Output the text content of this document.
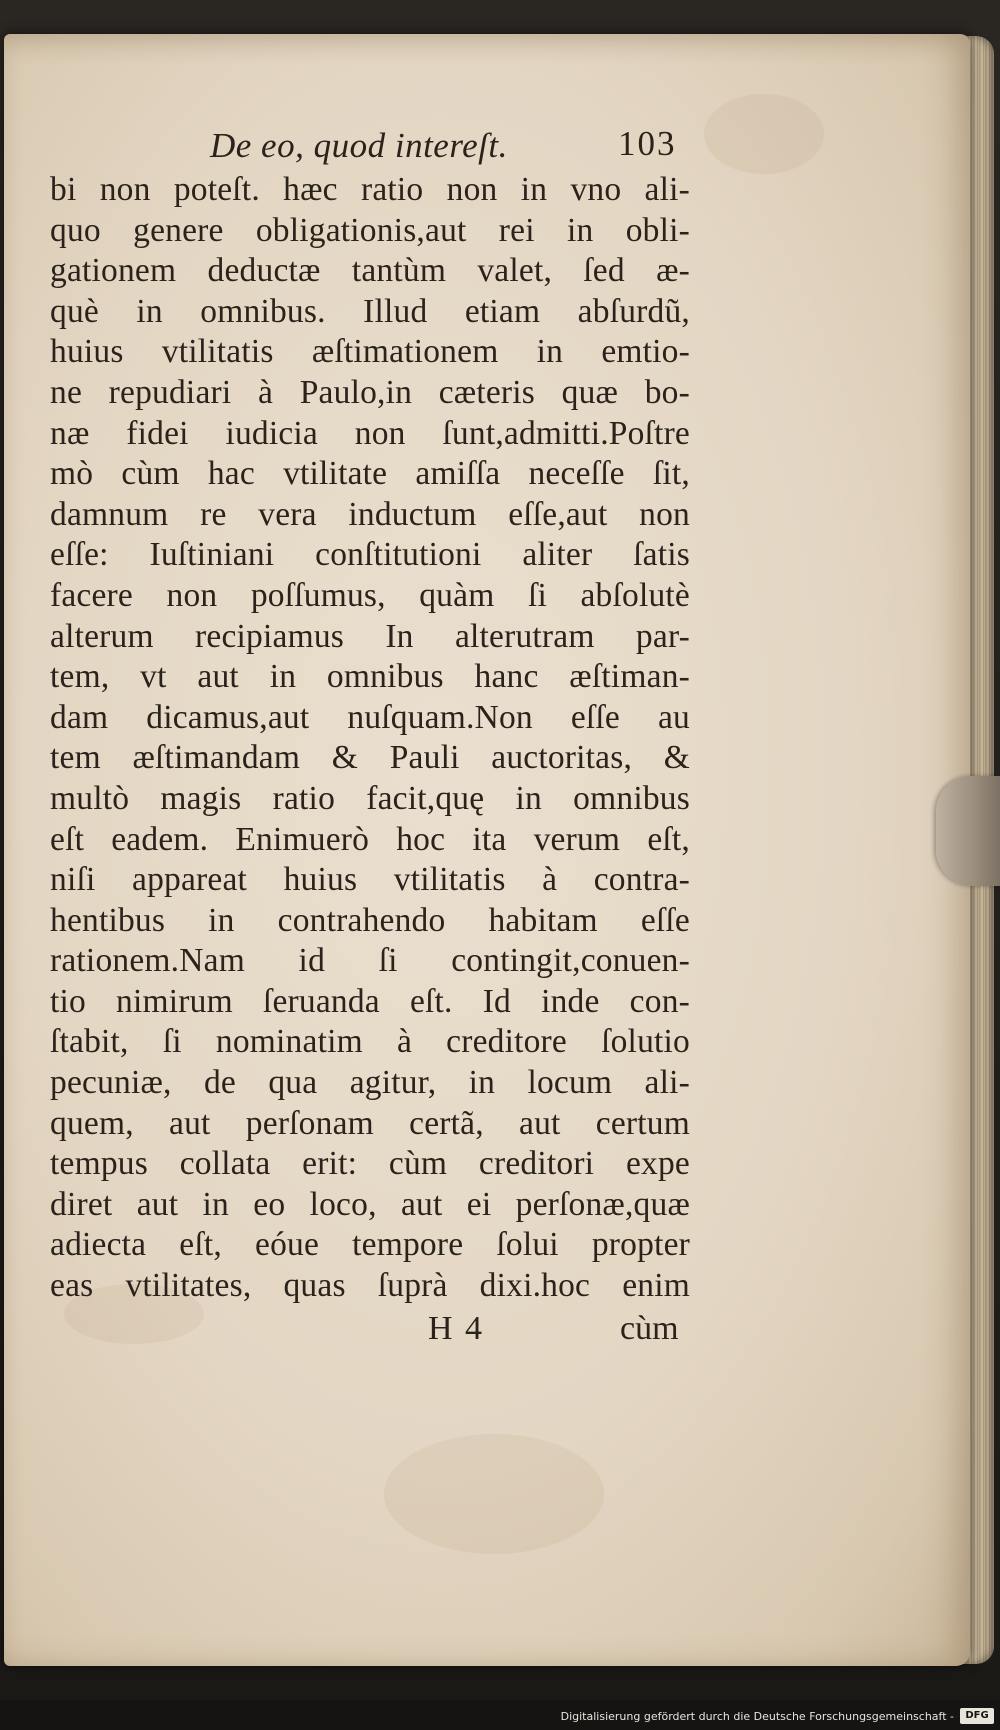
De eo, quod intereſt.	103
bi non poteſt. hæc ratio non in vno ali-
quo genere obligationis,aut rei in obli-
gationem deductæ tantùm valet, ſed æ-
què in omnibus. Illud etiam abſurdũ,
huius vtilitatis æſtimationem in emtio-
ne repudiari à Paulo,in cæteris quæ bo-
næ fidei iudicia non ſunt,admitti.Poſtre
mò cùm hac vtilitate amiſſa neceſſe ſit,
damnum re vera inductum eſſe,aut non
eſſe: Iuſtiniani conſtitutioni aliter ſatis
facere non poſſumus, quàm ſi abſolutè
alterum recipiamus In alterutram par-
tem, vt aut in omnibus hanc æſtiman-
dam dicamus,aut nuſquam.Non eſſe au
tem æſtimandam & Pauli auctoritas, &
multò magis ratio facit,quę in omnibus
eſt eadem. Enimuerò hoc ita verum eſt,
niſi appareat huius vtilitatis à contra-
hentibus in contrahendo habitam eſſe
rationem.Nam id ſi contingit,conuen-
tio nimirum ſeruanda eſt. Id inde con-
ſtabit, ſi nominatim à creditore ſolutio
pecuniæ, de qua agitur, in locum ali-
quem, aut perſonam certã, aut certum
tempus collata erit: cùm creditori expe
diret aut in eo loco, aut ei perſonæ,quæ
adiecta eſt, eóue tempore ſolui propter
eas vtilitates, quas ſuprà dixi.hoc enim
H 4	cùm
Digitalisierung gefördert durch die Deutsche Forschungsgemeinschaft -	DFG
